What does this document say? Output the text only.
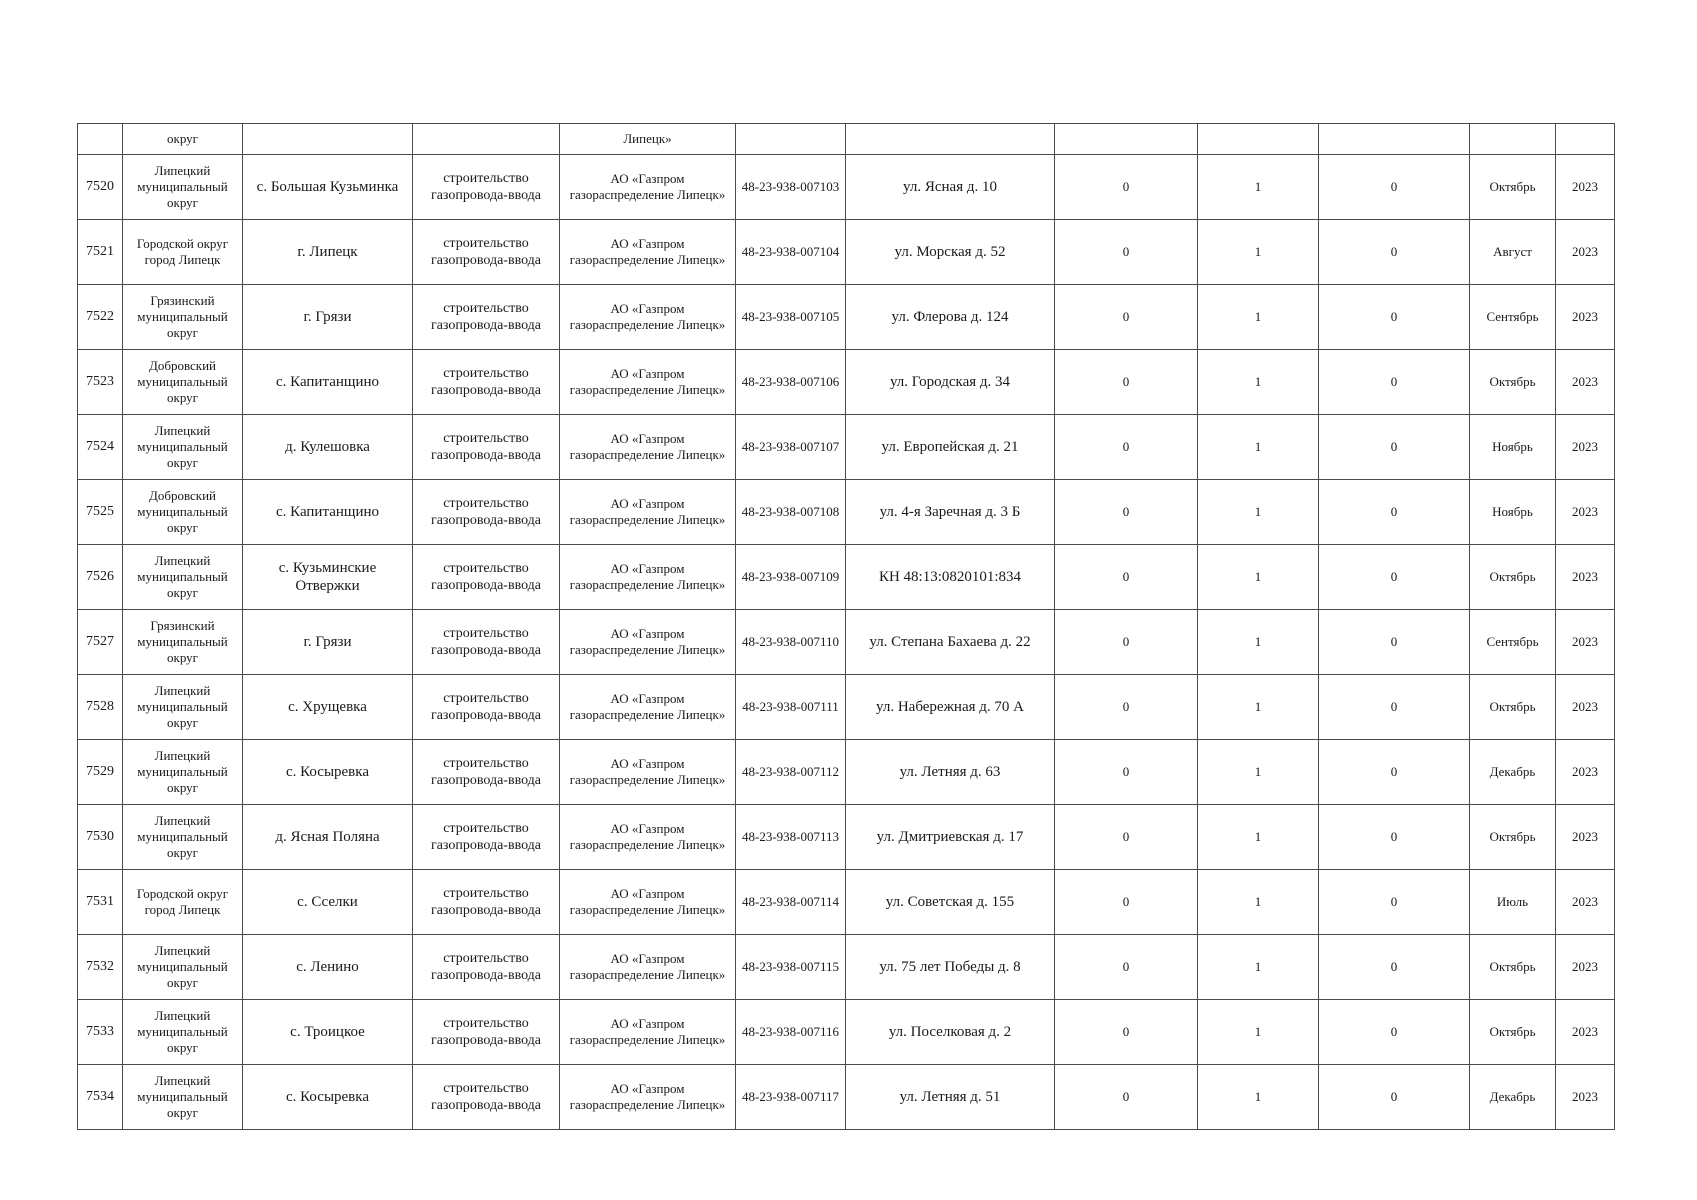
	округ			Липецк»							
7520	Липецкий муниципальный округ	с. Большая Кузьминка	строительство газопровода-ввода	АО «Газпром газораспределение Липецк»	48-23-938-007103	ул. Ясная д. 10	0	1	0	Октябрь	2023
7521	Городской округ город Липецк	г. Липецк	строительство газопровода-ввода	АО «Газпром газораспределение Липецк»	48-23-938-007104	ул. Морская д. 52	0	1	0	Август	2023
7522	Грязинский муниципальный округ	г. Грязи	строительство газопровода-ввода	АО «Газпром газораспределение Липецк»	48-23-938-007105	ул. Флерова д. 124	0	1	0	Сентябрь	2023
7523	Добровский муниципальный округ	с. Капитанщино	строительство газопровода-ввода	АО «Газпром газораспределение Липецк»	48-23-938-007106	ул. Городская д. 34	0	1	0	Октябрь	2023
7524	Липецкий муниципальный округ	д. Кулешовка	строительство газопровода-ввода	АО «Газпром газораспределение Липецк»	48-23-938-007107	ул. Европейская д. 21	0	1	0	Ноябрь	2023
7525	Добровский муниципальный округ	с. Капитанщино	строительство газопровода-ввода	АО «Газпром газораспределение Липецк»	48-23-938-007108	ул. 4-я Заречная д. 3 Б	0	1	0	Ноябрь	2023
7526	Липецкий муниципальный округ	с. Кузьминские Отвержки	строительство газопровода-ввода	АО «Газпром газораспределение Липецк»	48-23-938-007109	КН 48:13:0820101:834	0	1	0	Октябрь	2023
7527	Грязинский муниципальный округ	г. Грязи	строительство газопровода-ввода	АО «Газпром газораспределение Липецк»	48-23-938-007110	ул. Степана Бахаева д. 22	0	1	0	Сентябрь	2023
7528	Липецкий муниципальный округ	с. Хрущевка	строительство газопровода-ввода	АО «Газпром газораспределение Липецк»	48-23-938-007111	ул. Набережная д. 70 А	0	1	0	Октябрь	2023
7529	Липецкий муниципальный округ	с. Косыревка	строительство газопровода-ввода	АО «Газпром газораспределение Липецк»	48-23-938-007112	ул. Летняя д. 63	0	1	0	Декабрь	2023
7530	Липецкий муниципальный округ	д. Ясная Поляна	строительство газопровода-ввода	АО «Газпром газораспределение Липецк»	48-23-938-007113	ул. Дмитриевская д. 17	0	1	0	Октябрь	2023
7531	Городской округ город Липецк	с. Сселки	строительство газопровода-ввода	АО «Газпром газораспределение Липецк»	48-23-938-007114	ул. Советская д. 155	0	1	0	Июль	2023
7532	Липецкий муниципальный округ	с. Ленино	строительство газопровода-ввода	АО «Газпром газораспределение Липецк»	48-23-938-007115	ул. 75 лет Победы д. 8	0	1	0	Октябрь	2023
7533	Липецкий муниципальный округ	с. Троицкое	строительство газопровода-ввода	АО «Газпром газораспределение Липецк»	48-23-938-007116	ул. Поселковая д. 2	0	1	0	Октябрь	2023
7534	Липецкий муниципальный округ	с. Косыревка	строительство газопровода-ввода	АО «Газпром газораспределение Липецк»	48-23-938-007117	ул. Летняя д. 51	0	1	0	Декабрь	2023
